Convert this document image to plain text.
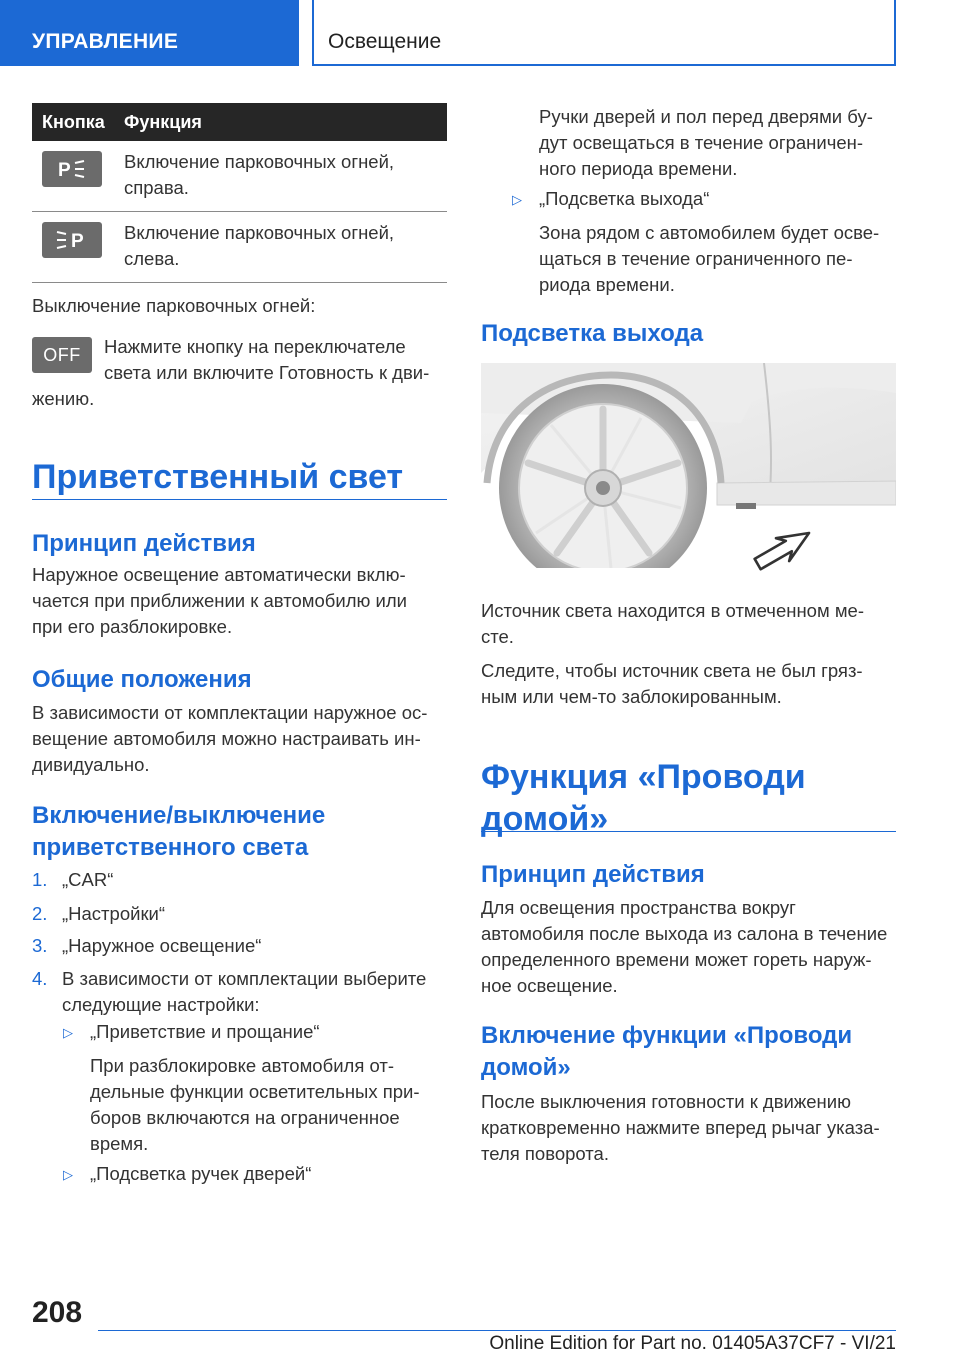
УПРАВЛЕНИЕ	Освещение
Кнопка	Функция

P	Включение парковочных огней, справа.

P	Включение парковочных огней, слева.
Выключение парковочных огней:
OFF	Нажмите кнопку на переключателе
света или включите Готовность к дви-
жению.
Приветственный свет
Принцип действия
Наружное освещение автоматически вклю-
чается при приближении к автомобилю или
при его разблокировке.
Общие положения
В зависимости от комплектации наружное ос-
вещение автомобиля можно настраивать ин-
дивидуально.
Включение/выключение
приветственного света
1. „CAR“
2. „Настройки“
3. „Наружное освещение“
4. В зависимости от комплектации выберите
следующие настройки:
▷ „Приветствие и прощание“
При разблокировке автомобиля от-
дельные функции осветительных при-
боров включаются на ограниченное
время.
▷ „Подсветка ручек дверей“
Ручки дверей и пол перед дверями бу-
дут освещаться в течение ограничен-
ного периода времени.
▷ „Подсветка выхода“
Зона рядом с автомобилем будет осве-
щаться в течение ограниченного пе-
риода времени.
Подсветка выхода
Источник света находится в отмеченном ме-
сте.
Следите, чтобы источник света не был гряз-
ным или чем-то заблокированным.
Функция «Проводи
домой»
Принцип действия
Для освещения пространства вокруг
автомобиля после выхода из салона в течение
определенного времени может гореть наруж-
ное освещение.
Включение функции «Проводи
домой»
После выключения готовности к движению
кратковременно нажмите вперед рычаг указа-
теля поворота.
208
Online Edition for Part no. 01405A37CF7 - VI/21
